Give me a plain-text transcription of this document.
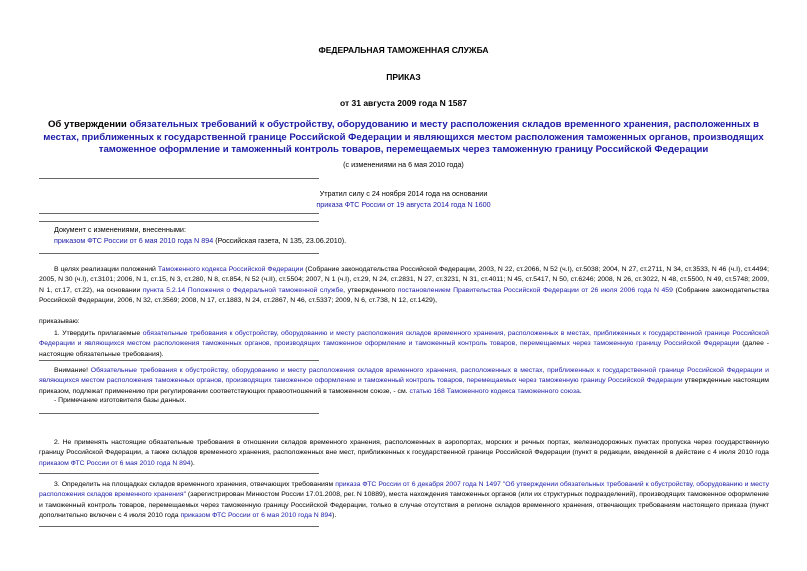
ФЕДЕРАЛЬНАЯ ТАМОЖЕННАЯ СЛУЖБА
ПРИКАЗ
от 31 августа 2009 года N 1587
Об утверждении обязательных требований к обустройству, оборудованию и месту расположения складов временного хранения, расположенных в местах, приближенных к государственной границе Российской Федерации и являющихся местом расположения таможенных органов, производящих таможенное оформление и таможенный контроль товаров, перемещаемых через таможенную границу Российской Федерации
(с изменениями на 6 мая 2010 года)
Утратил силу с 24 ноября 2014 года на основании
приказа ФТС России от 19 августа 2014 года N 1600
Документ с изменениями, внесенными:
приказом ФТС России от 6 мая 2010 года N 894 (Российская газета, N 135, 23.06.2010).
В целях реализации положений Таможенного кодекса Российской Федерации (Собрание законодательства Российской Федерации, 2003, N 22, ст.2066, N 52 (ч.I), ст.5038; 2004, N 27, ст.2711, N 34, ст.3533, N 46 (ч.I), ст.4494; 2005, N 30 (ч.I), ст.3101; 2006, N 1, ст.15, N 3, ст.280, N 8, ст.854, N 52 (ч.II), ст.5504; 2007, N 1 (ч.I), ст.29, N 24, ст.2831, N 27, ст.3231, N 31, ст.4011; N 45, ст.5417, N 50, ст.6246; 2008, N 26, ст.3022, N 48, ст.5500, N 49, ст.5748; 2009, N 1, ст.17, ст.22), на основании пункта 5.2.14 Положения о Федеральной таможенной службе, утвержденного постановлением Правительства Российской Федерации от 26 июля 2006 года N 459 (Собрание законодательства Российской Федерации, 2006, N 32, ст.3569; 2008, N 17, ст.1883, N 24, ст.2867, N 46, ст.5337; 2009, N 6, ст.738, N 12, ст.1429),
приказываю:
1. Утвердить прилагаемые обязательные требования к обустройству, оборудованию и месту расположения складов временного хранения, расположенных в местах, приближенных к государственной границе Российской Федерации и являющихся местом расположения таможенных органов, производящих таможенное оформление и таможенный контроль товаров, перемещаемых через таможенную границу Российской Федерации (далее - настоящие обязательные требования).
Внимание! Обязательные требования к обустройству, оборудованию и месту расположения складов временного хранения, расположенных в местах, приближенных к государственной границе Российской Федерации и являющихся местом расположения таможенных органов, производящих таможенное оформление и таможенный контроль товаров, перемещаемых через таможенную границу Российской Федерации утвержденные настоящим приказом, подлежат применению при регулировании соответствующих правоотношений в таможенном союзе, - см. статью 168 Таможенного кодекса таможенного союза.
- Примечание изготовителя базы данных.
2. Не применять настоящие обязательные требования в отношении складов временного хранения, расположенных в аэропортах, морских и речных портах, железнодорожных пунктах пропуска через государственную границу Российской Федерации, а также складов временного хранения, расположенных вне мест, приближенных к государственной границе Российской Федерации (пункт в редакции, введенной в действие с 4 июля 2010 года приказом ФТС России от 6 мая 2010 года N 894).
3. Определить на площадках складов временного хранения, отвечающих требованиям приказа ФТС России от 6 декабря 2007 года N 1497 "Об утверждении обязательных требований к обустройству, оборудованию и месту расположения складов временного хранения" (зарегистрирован Минюстом России 17.01.2008, рег. N 10889), места нахождения таможенных органов (или их структурных подразделений), производящих таможенное оформление и таможенный контроль товаров, перемещаемых через таможенную границу Российской Федерации, только в случае отсутствия в регионе складов временного хранения, отвечающих требованиям настоящего приказа (пункт дополнительно включен с 4 июля 2010 года приказом ФТС России от 6 мая 2010 года N 894).
